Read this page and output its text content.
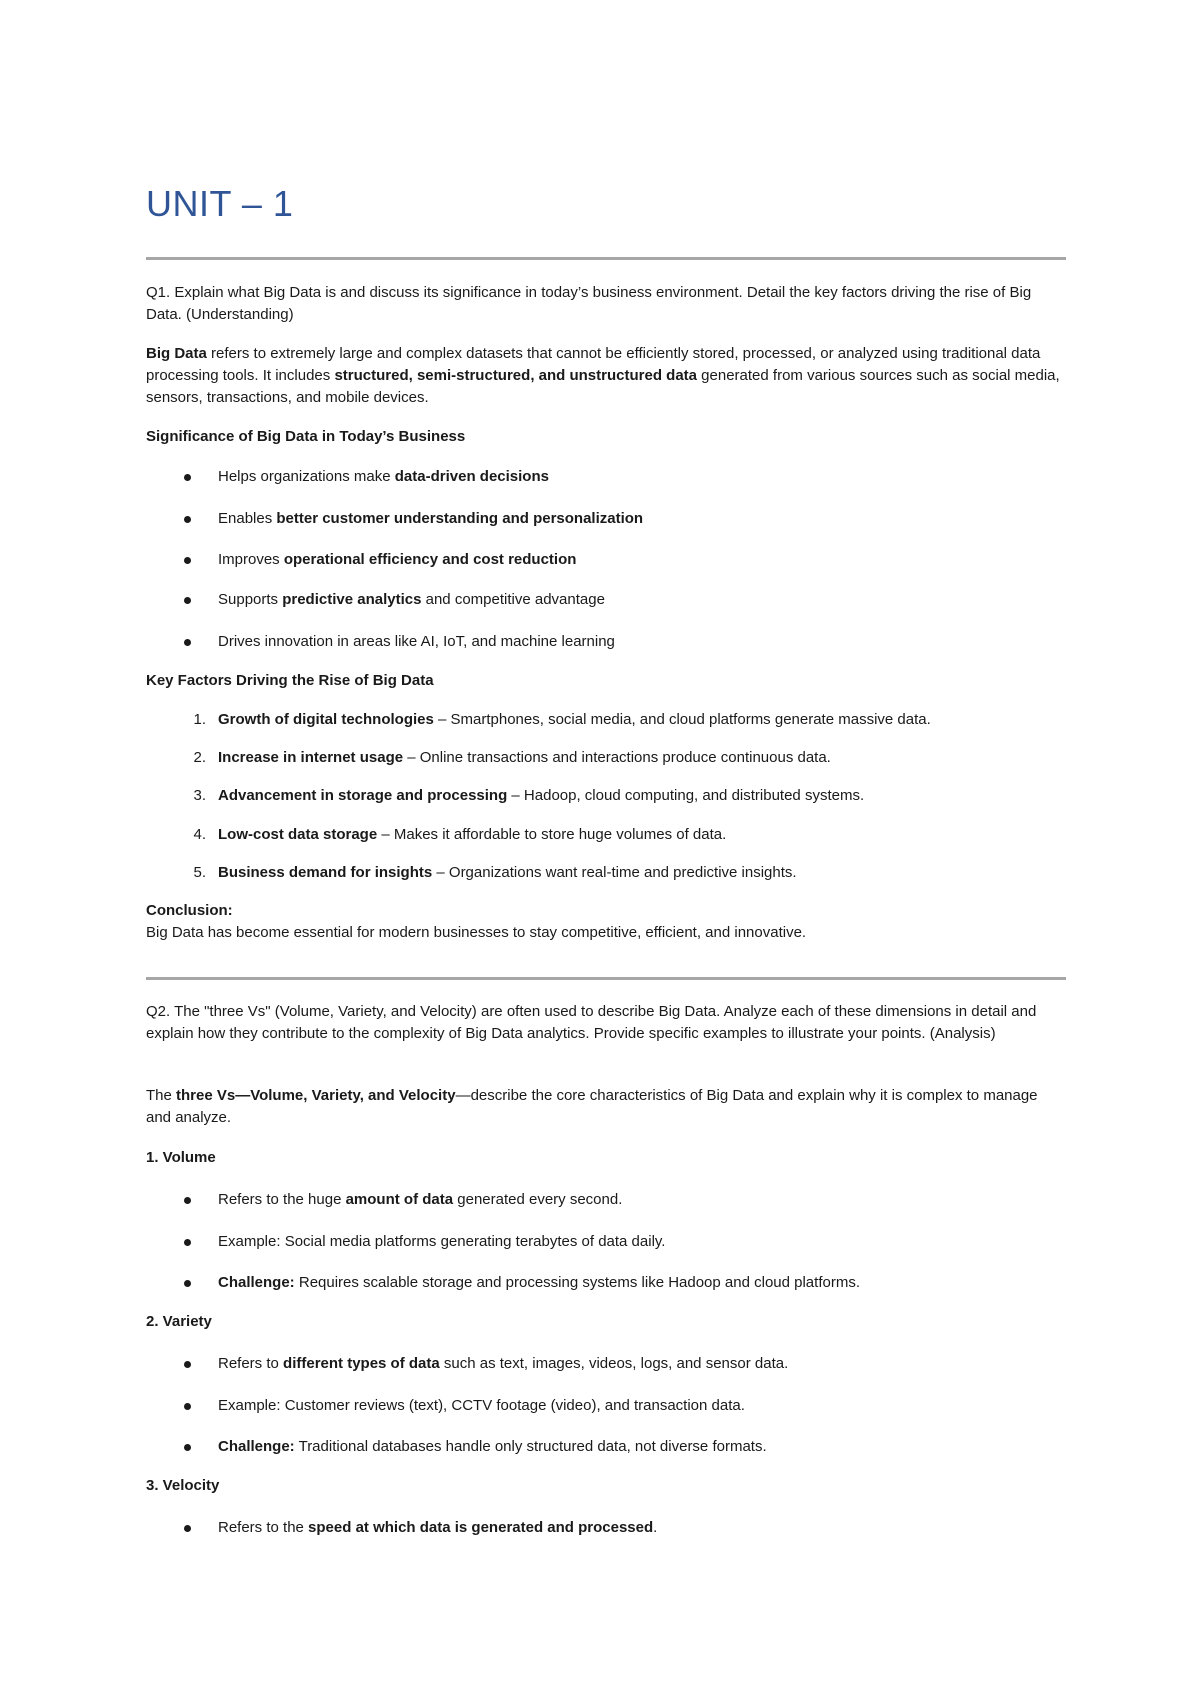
UNIT – 1

Q1. Explain what Big Data is and discuss its significance in today’s business environment. Detail the key factors driving the rise of Big Data. (Understanding)

Big Data refers to extremely large and complex datasets that cannot be efficiently stored, processed, or analyzed using traditional data processing tools. It includes structured, semi-structured, and unstructured data generated from various sources such as social media, sensors, transactions, and mobile devices.

Significance of Big Data in Today’s Business

Helps organizations make data-driven decisions
Enables better customer understanding and personalization
Improves operational efficiency and cost reduction
Supports predictive analytics and competitive advantage
Drives innovation in areas like AI, IoT, and machine learning

Key Factors Driving the Rise of Big Data

1. Growth of digital technologies – Smartphones, social media, and cloud platforms generate massive data.
2. Increase in internet usage – Online transactions and interactions produce continuous data.
3. Advancement in storage and processing – Hadoop, cloud computing, and distributed systems.
4. Low-cost data storage – Makes it affordable to store huge volumes of data.
5. Business demand for insights – Organizations want real-time and predictive insights.

Conclusion:
Big Data has become essential for modern businesses to stay competitive, efficient, and innovative.

Q2. The "three Vs" (Volume, Variety, and Velocity) are often used to describe Big Data. Analyze each of these dimensions in detail and explain how they contribute to the complexity of Big Data analytics. Provide specific examples to illustrate your points. (Analysis)

The three Vs—Volume, Variety, and Velocity—describe the core characteristics of Big Data and explain why it is complex to manage and analyze.

1. Volume

Refers to the huge amount of data generated every second.
Example: Social media platforms generating terabytes of data daily.
Challenge: Requires scalable storage and processing systems like Hadoop and cloud platforms.

2. Variety

Refers to different types of data such as text, images, videos, logs, and sensor data.
Example: Customer reviews (text), CCTV footage (video), and transaction data.
Challenge: Traditional databases handle only structured data, not diverse formats.

3. Velocity

Refers to the speed at which data is generated and processed.
